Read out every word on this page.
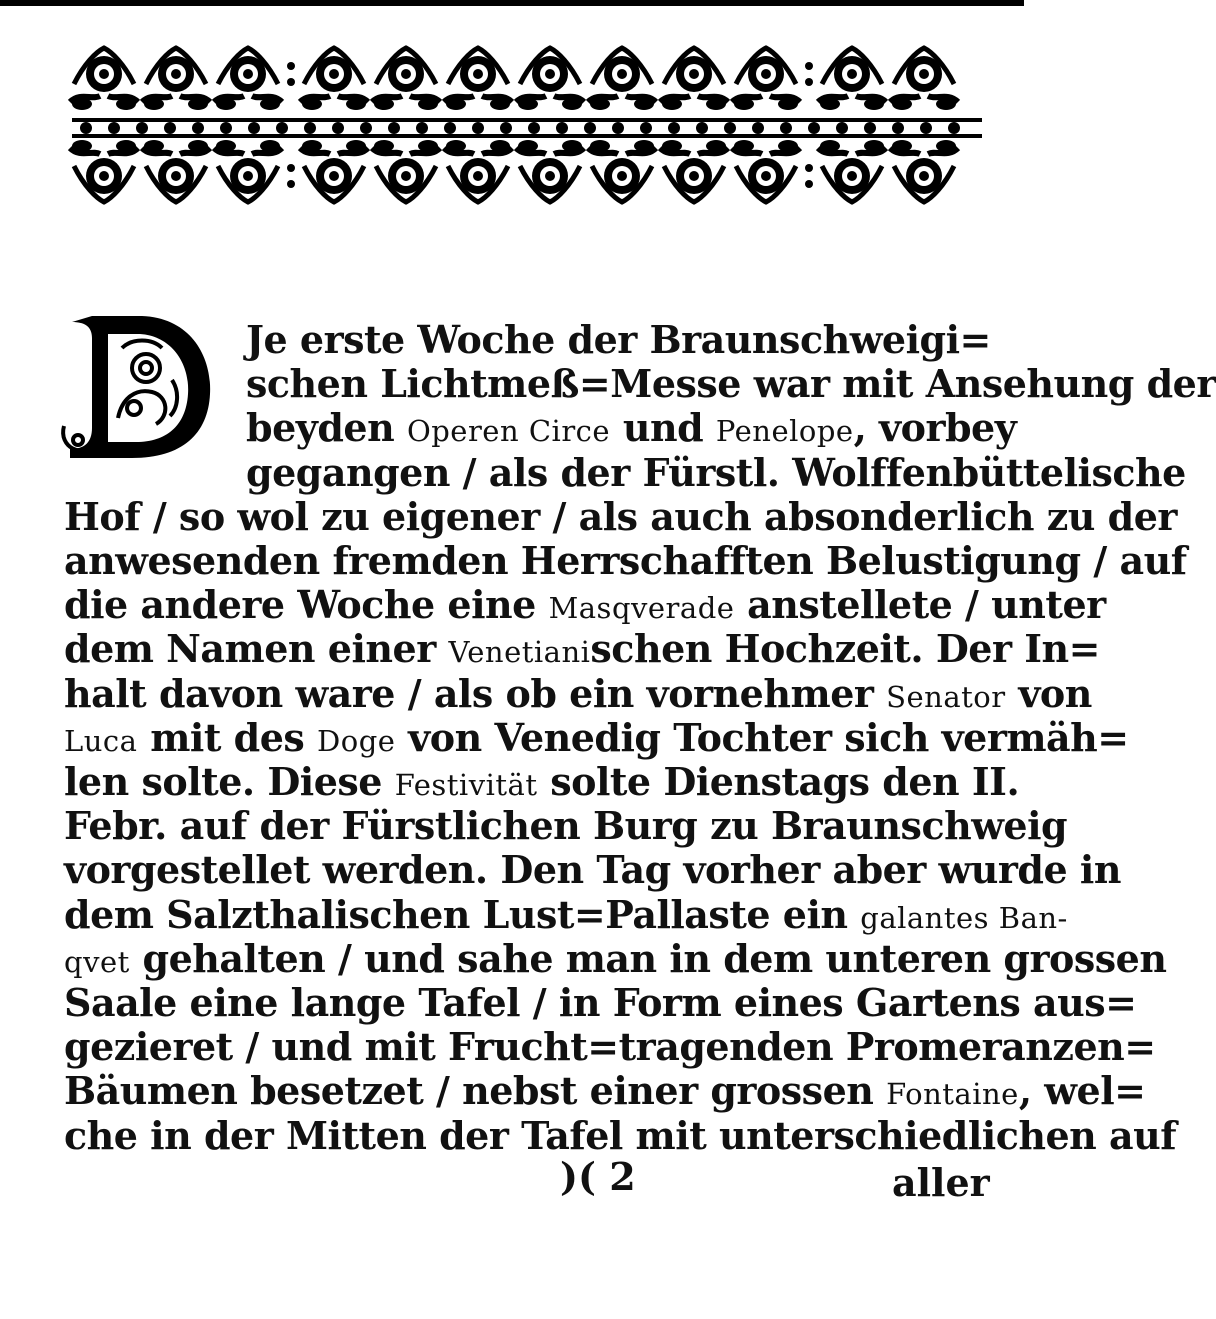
Je erste Woche der Braunschweigi=
schen Lichtmeß=Messe war mit Ansehung der
beyden Operen Circe und Penelope, vorbey
gegangen / als der Fürstl. Wolffenbüttelische
Hof / so wol zu eigener / als auch absonderlich zu der
anwesenden fremden Herrschafften Belustigung / auf
die andere Woche eine Masqverade anstellete / unter
dem Namen einer Venetianischen Hochzeit. Der In=
halt davon ware / als ob ein vornehmer Senator von
Luca mit des Doge von Venedig Tochter sich vermäh=
len solte. Diese Festivität solte Dienstags den II.
Febr. auf der Fürstlichen Burg zu Braunschweig
vorgestellet werden. Den Tag vorher aber wurde in
dem Salzthalischen Lust=Pallaste ein galantes Ban-
qvet gehalten / und sahe man in dem unteren grossen
Saale eine lange Tafel / in Form eines Gartens aus=
gezieret / und mit Frucht=tragenden Promeranzen=
Bäumen besetzet / nebst einer grossen Fontaine, wel=
che in der Mitten der Tafel mit unterschiedlichen auf
)( 2	aller
